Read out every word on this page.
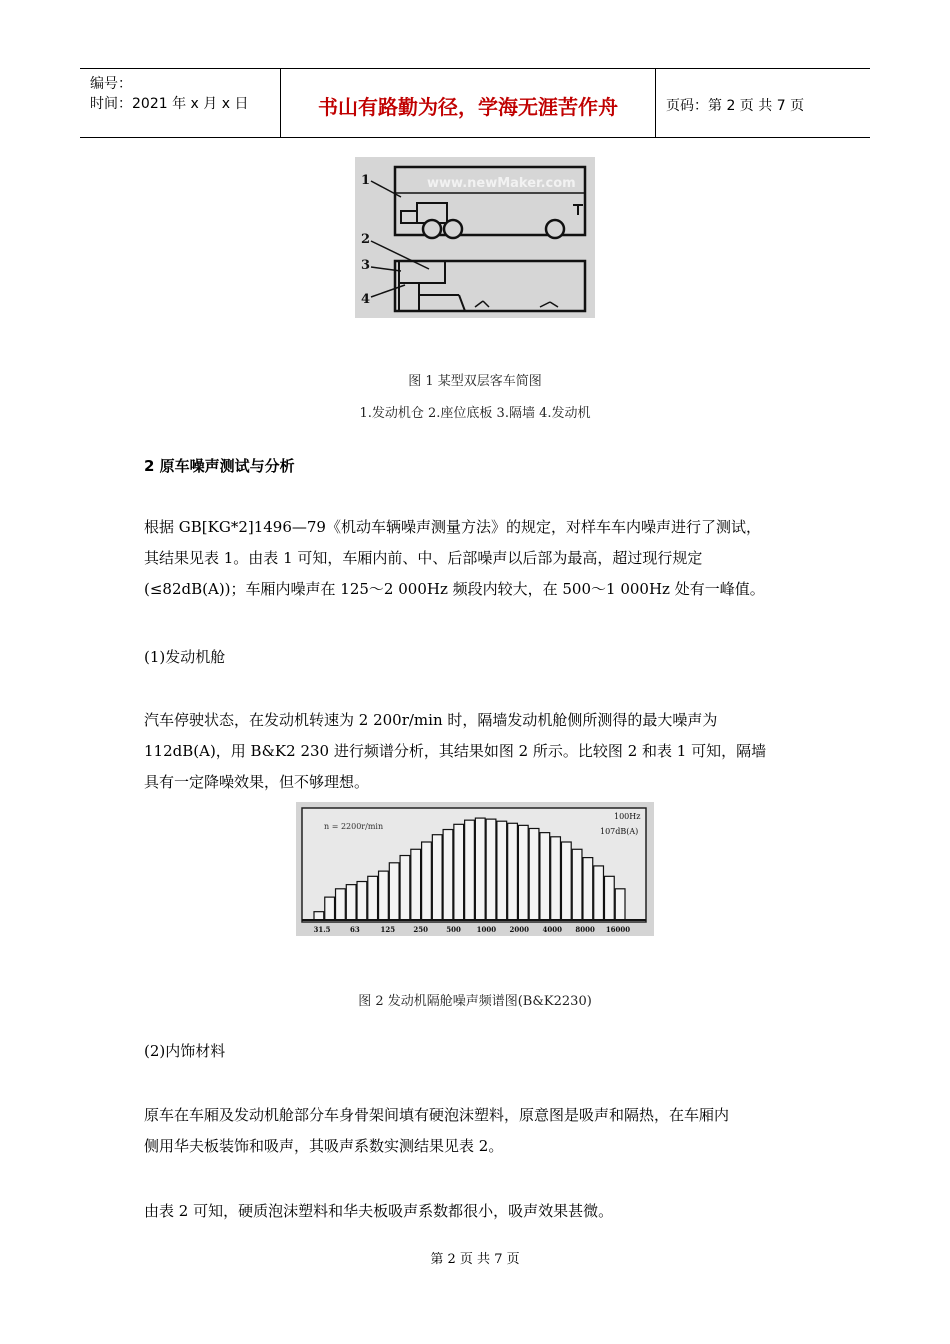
编号：
时间：2021 年 x 月 x 日	书山有路勤为径，学海无涯苦作舟	页码：第 2 页 共 7 页
www.newMaker.com
1
2
3
4
图 1 某型双层客车简图
1.发动机仓 2.座位底板 3.隔墙 4.发动机
2 原车噪声测试与分析
根据 GB[KG*2]1496—79《机动车辆噪声测量方法》的规定，对样车车内噪声进行了测试，
其结果见表 1。由表 1 可知，车厢内前、中、后部噪声以后部为最高，超过现行规定
(≤82dB(A))；车厢内噪声在 125～2 000Hz 频段内较大，在 500～1 000Hz 处有一峰值。
(1)发动机舱
汽车停驶状态，在发动机转速为 2 200r/min 时，隔墙发动机舱侧所测得的最大噪声为
112dB(A)，用 B&K2 230 进行频谱分析，其结果如图 2 所示。比较图 2 和表 1 可知，隔墙
具有一定降噪效果，但不够理想。
31.5	63	125	250	500 1000 2000 4000 8000 16000
n = 2200r/min
100Hz
107dB(A)
图 2 发动机隔舱噪声频谱图(B&K2230)
(2)内饰材料
原车在车厢及发动机舱部分车身骨架间填有硬泡沫塑料，原意图是吸声和隔热，在车厢内
侧用华夫板装饰和吸声，其吸声系数实测结果见表 2。
由表 2 可知，硬质泡沫塑料和华夫板吸声系数都很小，吸声效果甚微。
第 2 页 共 7 页
